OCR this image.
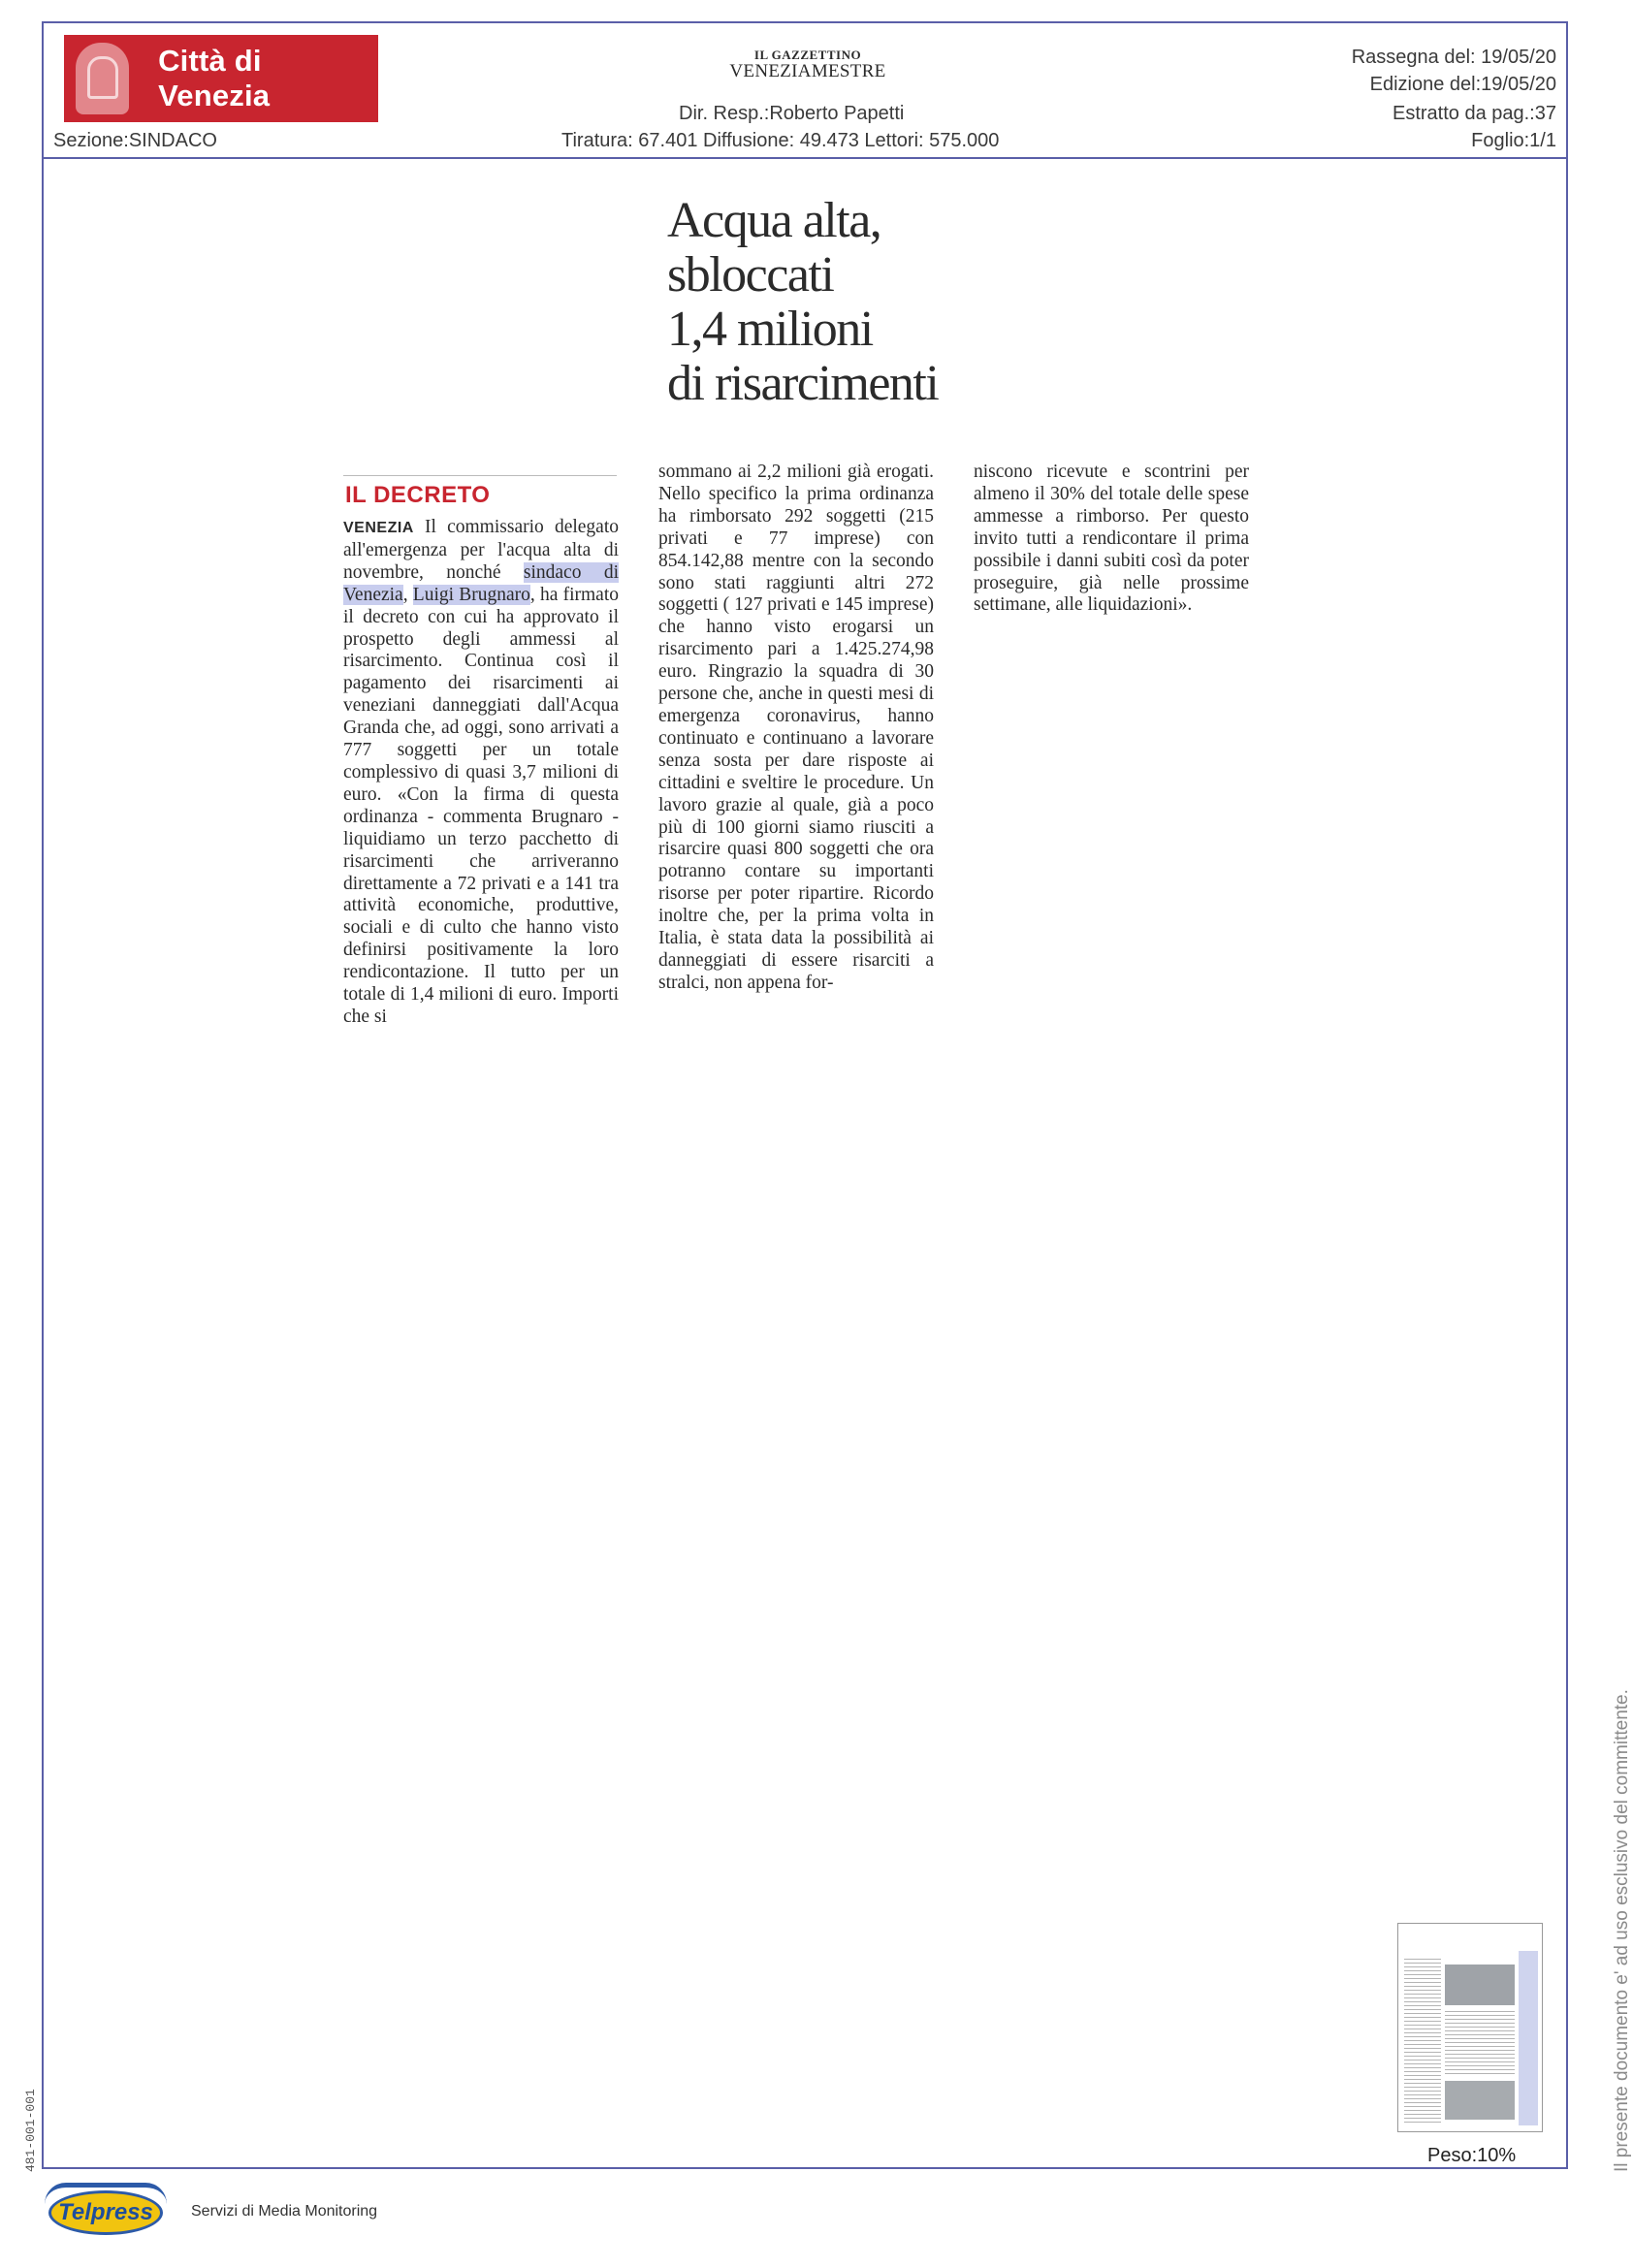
Città di Venezia
IL GAZZETTINO
VENEZIAMESTRE
Dir. Resp.:Roberto Papetti
Tiratura: 67.401 Diffusione: 49.473 Lettori: 575.000
Sezione:SINDACO
Rassegna del: 19/05/20
Edizione del:19/05/20
Estratto da pag.:37
Foglio:1/1
Acqua alta,
sbloccati
1,4 milioni
di risarcimenti
IL DECRETO
VENEZIA Il commissario delegato all'emergenza per l'acqua alta di novembre, nonché sindaco di Venezia, Luigi Brugnaro, ha firmato il decreto con cui ha approvato il prospetto degli ammessi al risarcimento. Continua così il pagamento dei risarcimenti ai veneziani danneggiati dall'Acqua Granda che, ad oggi, sono arrivati a 777 soggetti per un totale complessivo di quasi 3,7 milioni di euro. «Con la firma di questa ordinanza - commenta Brugnaro - liquidiamo un terzo pacchetto di risarcimenti che arriveranno direttamente a 72 privati e a 141 tra attività economiche, produttive, sociali e di culto che hanno visto definirsi positivamente la loro rendicontazione. Il tutto per un totale di 1,4 milioni di euro. Importi che si
sommano ai 2,2 milioni già erogati. Nello specifico la prima ordinanza ha rimborsato 292 soggetti (215 privati e 77 imprese) con 854.142,88 mentre con la secondo sono stati raggiunti altri 272 soggetti ( 127 privati e 145 imprese) che hanno visto erogarsi un risarcimento pari a 1.425.274,98 euro. Ringrazio la squadra di 30 persone che, anche in questi mesi di emergenza coronavirus, hanno continuato e continuano a lavorare senza sosta per dare risposte ai cittadini e sveltire le procedure. Un lavoro grazie al quale, già a poco più di 100 giorni siamo riusciti a risarcire quasi 800 soggetti che ora potranno contare su importanti risorse per poter ripartire. Ricordo inoltre che, per la prima volta in Italia, è stata data la possibilità ai danneggiati di essere risarciti a stralci, non appena for-
niscono ricevute e scontrini per almeno il 30% del totale delle spese ammesse a rimborso. Per questo invito tutti a rendicontare il prima possibile i danni subiti così da poter proseguire, già nelle prossime settimane, alle liquidazioni».
Peso:10%	Il presente documento e' ad uso esclusivo del committente.
481-001-001
Telpress Servizi di Media Monitoring
